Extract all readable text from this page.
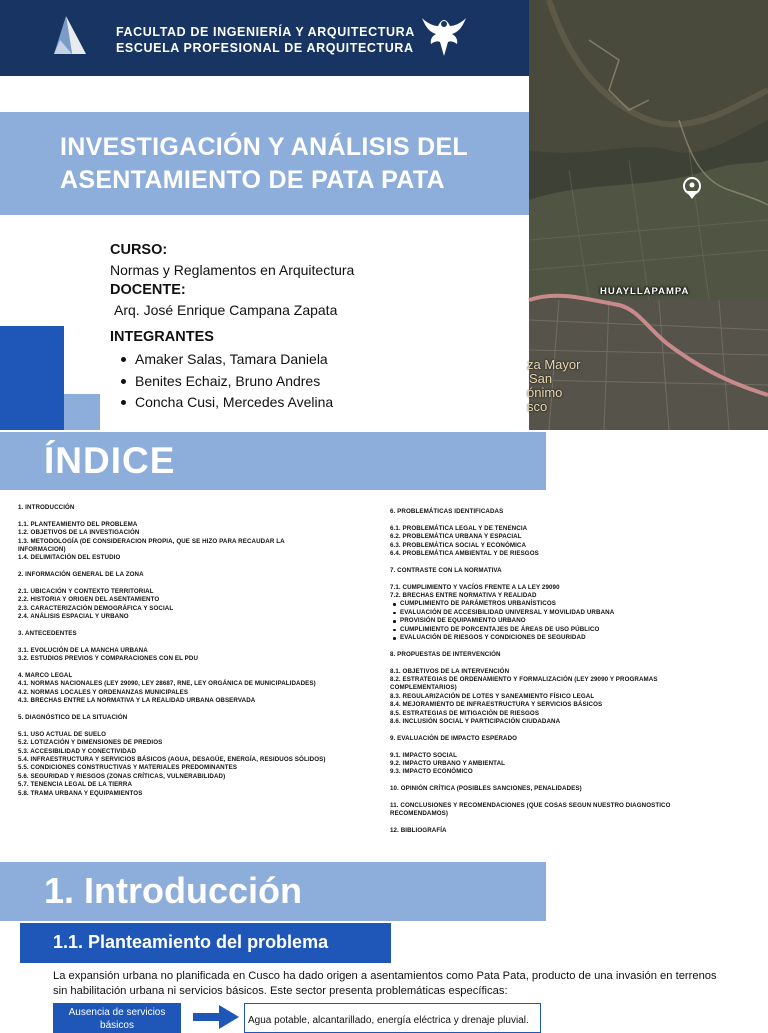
FACULTAD DE INGENIERÍA Y ARQUITECTURA
ESCUELA PROFESIONAL DE ARQUITECTURA
HUAYLLAPAMPA
za Mayor
San
ónimo
sco
INVESTIGACIÓN Y ANÁLISIS DEL
ASENTAMIENTO DE PATA PATA
CURSO:
Normas y Reglamentos en Arquitectura
DOCENTE:
Arq. José Enrique Campana Zapata
INTEGRANTES
Amaker Salas, Tamara Daniela
Benites Echaiz, Bruno Andres
Concha Cusi, Mercedes Avelina
ÍNDICE
1. INTRODUCCIÓN
1.1. PLANTEAMIENTO DEL PROBLEMA
1.2. OBJETIVOS DE LA INVESTIGACIÓN
1.3. METODOLOGÍA (DE CONSIDERACION PROPIA, QUE SE HIZO PARA RECAUDAR LA
INFORMACION)
1.4. DELIMITACIÓN DEL ESTUDIO
2. INFORMACIÓN GENERAL DE LA ZONA
2.1. UBICACIÓN Y CONTEXTO TERRITORIAL
2.2. HISTORIA Y ORIGEN DEL ASENTAMIENTO
2.3. CARACTERIZACIÓN DEMOGRÁFICA Y SOCIAL
2.4. ANÁLISIS ESPACIAL Y URBANO
3. ANTECEDENTES
3.1. EVOLUCIÓN DE LA MANCHA URBANA
3.2. ESTUDIOS PREVIOS Y COMPARACIONES CON EL PDU
4. MARCO LEGAL
4.1. NORMAS NACIONALES (LEY 29090, LEY 28687, RNE, LEY ORGÁNICA DE MUNICIPALIDADES)
4.2. NORMAS LOCALES Y ORDENANZAS MUNICIPALES
4.3. BRECHAS ENTRE LA NORMATIVA Y LA REALIDAD URBANA OBSERVADA
5. DIAGNÓSTICO DE LA SITUACIÓN
5.1. USO ACTUAL DE SUELO
5.2. LOTIZACIÓN Y DIMENSIONES DE PREDIOS
5.3. ACCESIBILIDAD Y CONECTIVIDAD
5.4. INFRAESTRUCTURA Y SERVICIOS BÁSICOS (AGUA, DESAGÜE, ENERGÍA, RESIDUOS SÓLIDOS)
5.5. CONDICIONES CONSTRUCTIVAS Y MATERIALES PREDOMINANTES
5.6. SEGURIDAD Y RIESGOS (ZONAS CRÍTICAS, VULNERABILIDAD)
5.7. TENENCIA LEGAL DE LA TIERRA
5.8. TRAMA URBANA Y EQUIPAMIENTOS
6. PROBLEMÁTICAS IDENTIFICADAS
6.1. PROBLEMÁTICA LEGAL Y DE TENENCIA
6.2. PROBLEMÁTICA URBANA Y ESPACIAL
6.3. PROBLEMÁTICA SOCIAL Y ECONÓMICA
6.4. PROBLEMÁTICA AMBIENTAL Y DE RIESGOS
7. CONTRASTE CON LA NORMATIVA
7.1. CUMPLIMIENTO Y VACÍOS FRENTE A LA LEY 29090
7.2. BRECHAS ENTRE NORMATIVA Y REALIDAD
CUMPLIMIENTO DE PARÁMETROS URBANÍSTICOS
EVALUACIÓN DE ACCESIBILIDAD UNIVERSAL Y MOVILIDAD URBANA
PROVISIÓN DE EQUIPAMIENTO URBANO
CUMPLIMIENTO DE PORCENTAJES DE ÁREAS DE USO PÚBLICO
EVALUACIÓN DE RIESGOS Y CONDICIONES DE SEGURIDAD
8. PROPUESTAS DE INTERVENCIÓN
8.1. OBJETIVOS DE LA INTERVENCIÓN
8.2. ESTRATEGIAS DE ORDENAMIENTO Y FORMALIZACIÓN (LEY 29090 Y PROGRAMAS
COMPLEMENTARIOS)
8.3. REGULARIZACIÓN DE LOTES Y SANEAMIENTO FÍSICO LEGAL
8.4. MEJORAMIENTO DE INFRAESTRUCTURA Y SERVICIOS BÁSICOS
8.5. ESTRATEGIAS DE MITIGACIÓN DE RIESGOS
8.6. INCLUSIÓN SOCIAL Y PARTICIPACIÓN CIUDADANA
9. EVALUACIÓN DE IMPACTO ESPERADO
9.1. IMPACTO SOCIAL
9.2. IMPACTO URBANO Y AMBIENTAL
9.3. IMPACTO ECONÓMICO
10. OPINIÓN CRÍTICA (POSIBLES SANCIONES, PENALIDADES)
11. CONCLUSIONES Y RECOMENDACIONES (QUE COSAS SEGUN NUESTRO DIAGNOSTICO
RECOMENDAMOS)
12. BIBLIOGRAFÍA
1. Introducción
1.1. Planteamiento del problema
La expansión urbana no planificada en Cusco ha dado origen a asentamientos como Pata Pata, producto de una invasión en terrenos
sin habilitación urbana ni servicios básicos. Este sector presenta problemáticas específicas:
Ausencia de servicios básicos	Agua potable, alcantarillado, energía eléctrica y drenaje pluvial.
